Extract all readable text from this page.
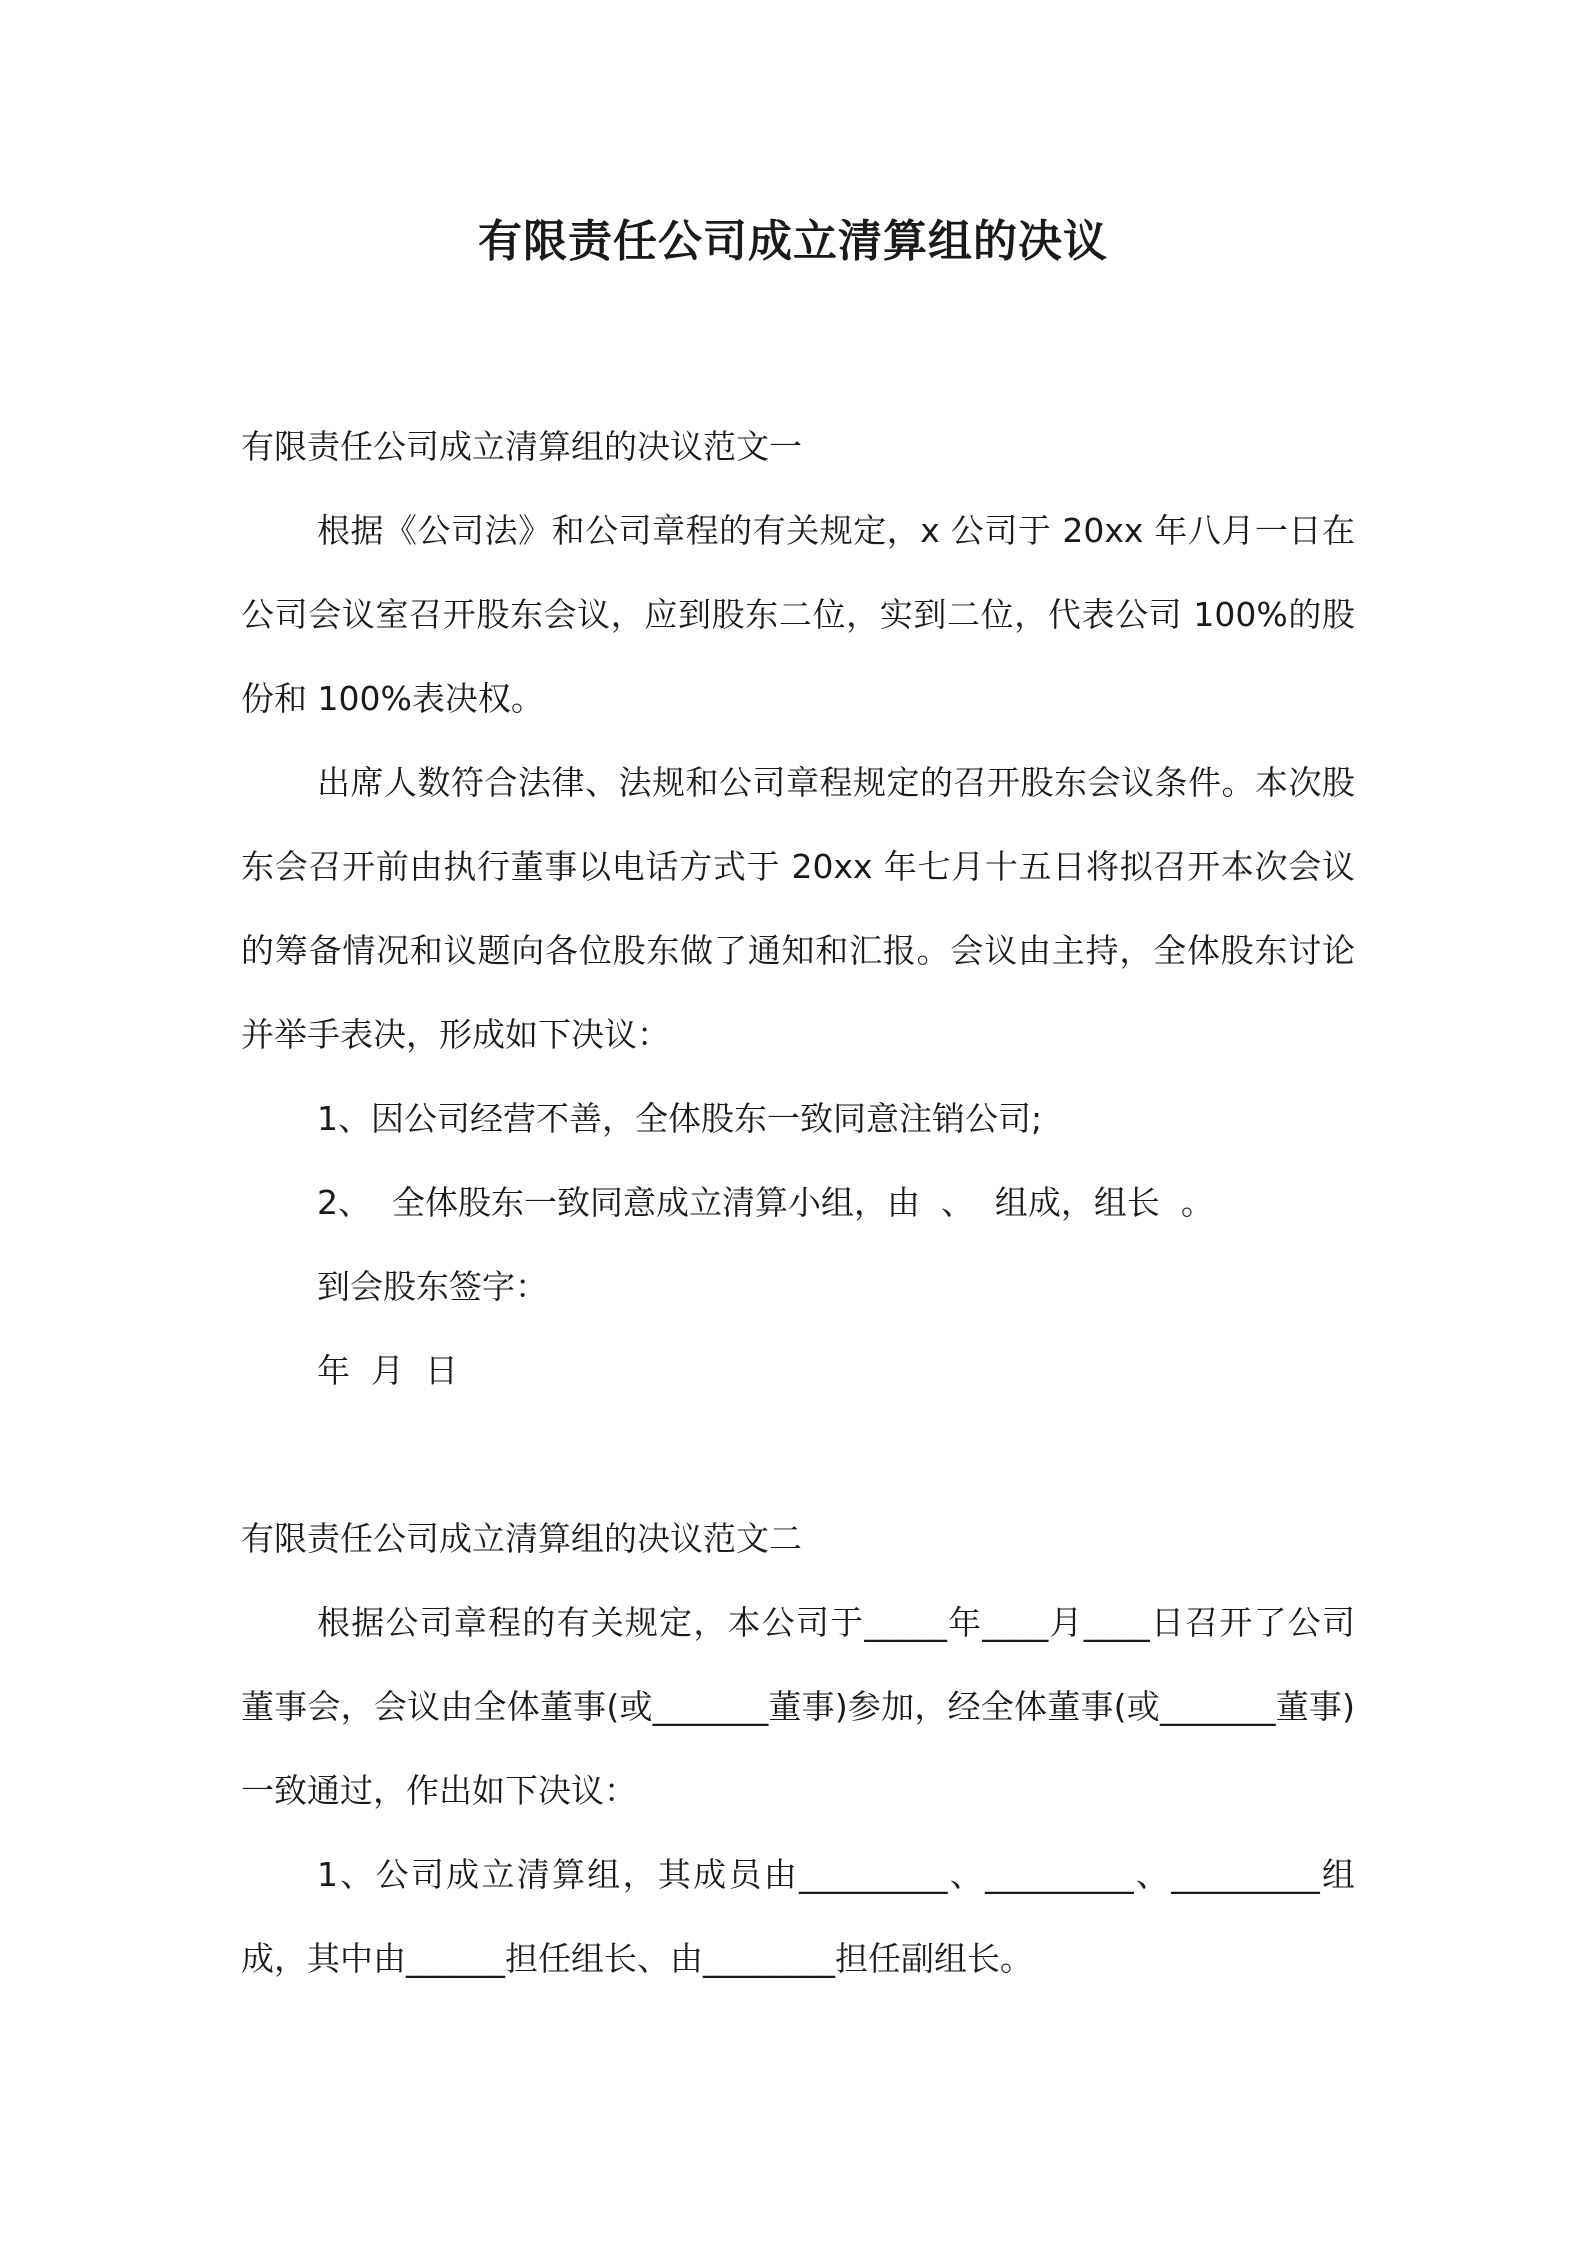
有限责任公司成立清算组的决议

有限责任公司成立清算组的决议范文一

根据《公司法》和公司章程的有关规定，x 公司于 20xx 年八月一日在公司会议室召开股东会议，应到股东二位，实到二位，代表公司 100%的股份和 100%表决权。

出席人数符合法律、法规和公司章程规定的召开股东会议条件。本次股东会召开前由执行董事以电话方式于 20xx 年七月十五日将拟召开本次会议的筹备情况和议题向各位股东做了通知和汇报。会议由主持，全体股东讨论并举手表决，形成如下决议：

1、因公司经营不善，全体股东一致同意注销公司;

2、  全体股东一致同意成立清算小组，由  、  组成，组长  。

到会股东签字：

年  月  日

有限责任公司成立清算组的决议范文二

根据公司章程的有关规定，本公司于_____年____月____日召开了公司董事会，会议由全体董事(或_______董事)参加，经全体董事(或_______董事)一致通过，作出如下决议：

1、公司成立清算组，其成员由_________、_________、_________组成，其中由______担任组长、由________担任副组长。
